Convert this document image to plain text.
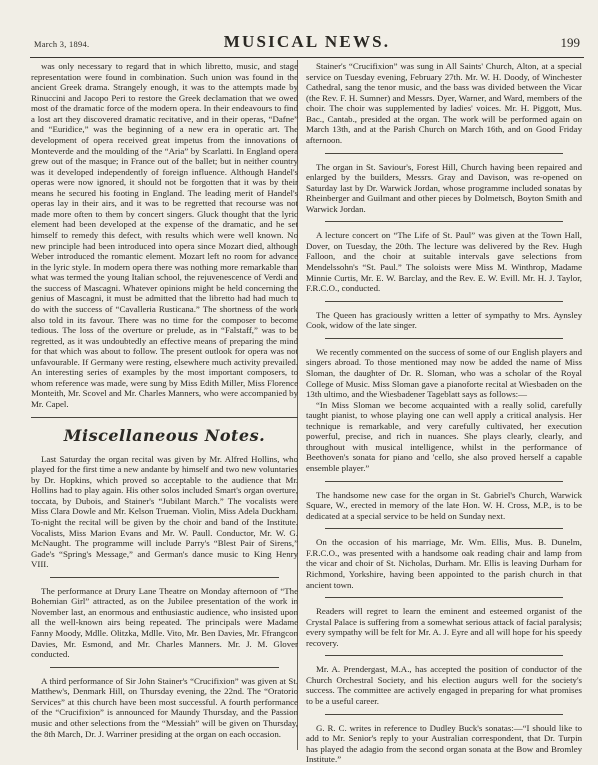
March 3, 1894.	MUSICAL NEWS.	199

was only necessary to regard that in which libretto, music, and stage representation were found in combination. Such union was found in the ancient Greek drama. Strangely enough, it was to the attempts made by Rinuccini and Jacopo Peri to restore the Greek declamation that we owed most of the dramatic force of the modern opera. In their endeavours to find a lost art they discovered dramatic recitative, and in their operas, “Dafne” and “Euridice,” was the beginning of a new era in operatic art. The development of opera received great impetus from the innovations of Monteverde and the moulding of the “Aria” by Scarlatti. In England opera grew out of the masque; in France out of the ballet; but in neither country was it developed independently of foreign influence. Although Handel's operas were now ignored, it should not be forgotten that it was by their means he secured his footing in England. The leading merit of Handel's operas lay in their airs, and it was to be regretted that recourse was not made more often to them by concert singers. Gluck thought that the lyric element had been developed at the expense of the dramatic, and he set himself to remedy this defect, with results which were well known. No new principle had been introduced into opera since Mozart died, although Weber introduced the romantic element. Mozart left no room for advance in the lyric style. In modern opera there was nothing more remarkable than what was termed the young Italian school, the rejuvenescence of Verdi and the success of Mascagni. Whatever opinions might be held concerning the genius of Mascagni, it must be admitted that the libretto had had much to do with the success of “Cavalleria Rusticana.” The shortness of the work also told in its favour. There was no time for the composer to become tedious. The loss of the overture or prelude, as in “Falstaff,” was to be regretted, as it was undoubtedly an effective means of preparing the mind for that which was about to follow. The present outlook for opera was not unfavourable. If Germany were resting, elsewhere much activity prevailed. An interesting series of examples by the most important composers, to whom reference was made, were sung by Miss Edith Miller, Miss Florence Monteith, Mr. Scovel and Mr. Charles Manners, who were accompanied by Mr. Capel.

Miscellaneous Notes.

Last Saturday the organ recital was given by Mr. Alfred Hollins, who played for the first time a new andante by himself and two new voluntaries by Dr. Hopkins, which proved so acceptable to the audience that Mr. Hollins had to play again. His other solos included Smart's organ overture, toccata, by Dubois, and Stainer's “Jubilant March.” The vocalists were Miss Clara Dowle and Mr. Kelson Trueman. Violin, Miss Adela Duckham. To-night the recital will be given by the choir and band of the Institute. Vocalists, Miss Marion Evans and Mr. W. Paull. Conductor, Mr. W. G. McNaught. The programme will include Parry's “Blest Pair of Sirens,” Gade's “Spring's Message,” and German's dance music to King Henry VIII.

The performance at Drury Lane Theatre on Monday afternoon of “The Bohemian Girl” attracted, as on the Jubilee presentation of the work in November last, an enormous and enthusiastic audience, who insisted upon all the well-known airs being repeated. The principals were Madame Fanny Moody, Mdlle. Olitzka, Mdlle. Vito, Mr. Ben Davies, Mr. Ffrangcon Davies, Mr. Esmond, and Mr. Charles Manners. Mr. J. M. Glover conducted.

A third performance of Sir John Stainer's “Crucifixion” was given at St. Matthew's, Denmark Hill, on Thursday evening, the 22nd. The “Oratorio Services” at this church have been most successful. A fourth performance of the “Crucifixion” is announced for Maundy Thursday, and the Passion music and other selections from the “Messiah” will be given on Thursday, the 8th March, Dr. J. Warriner presiding at the organ on each occasion.

Stainer's “Crucifixion” was sung in All Saints' Church, Alton, at a special service on Tuesday evening, February 27th. Mr. W. H. Doody, of Winchester Cathedral, sang the tenor music, and the bass was divided between the Vicar (the Rev. F. H. Sumner) and Messrs. Dyer, Warner, and Ward, members of the choir. The choir was supplemented by ladies' voices. Mr. H. Piggott, Mus. Bac., Cantab., presided at the organ. The work will be performed again on March 13th, and at the Parish Church on March 16th, and on Good Friday afternoon.

The organ in St. Saviour's, Forest Hill, Church having been repaired and enlarged by the builders, Messrs. Gray and Davison, was re-opened on Saturday last by Dr. Warwick Jordan, whose programme included sonatas by Rheinberger and Guilmant and other pieces by Dolmetsch, Boyton Smith and Warwick Jordan.

A lecture concert on “The Life of St. Paul” was given at the Town Hall, Dover, on Tuesday, the 20th. The lecture was delivered by the Rev. Hugh Falloon, and the choir at suitable intervals gave selections from Mendelssohn's “St. Paul.” The soloists were Miss M. Winthrop, Madame Minnie Curtis, Mr. E. W. Barclay, and the Rev. E. W. Evill. Mr. H. J. Taylor, F.R.C.O., conducted.

The Queen has graciously written a letter of sympathy to Mrs. Aynsley Cook, widow of the late singer.

We recently commented on the success of some of our English players and singers abroad. To those mentioned may now be added the name of Miss Sloman, the daughter of Dr. R. Sloman, who was a scholar of the Royal College of Music. Miss Sloman gave a pianoforte recital at Wiesbaden on the 13th ultimo, and the Wiesbadener Tageblatt says as follows:—

“In Miss Sloman we become acquainted with a really solid, carefully taught pianist, to whose playing one can well apply a critical analysis. Her technique is remarkable, and very carefully cultivated, her execution powerful, precise, and rich in nuances. She plays clearly, clearly, and throughout with musical intelligence, whilst in the performance of Beethoven's sonata for piano and 'cello, she also proved herself a capable ensemble player.”

The handsome new case for the organ in St. Gabriel's Church, Warwick Square, W., erected in memory of the late Hon. W. H. Cross, M.P., is to be dedicated at a special service to be held on Sunday next.

On the occasion of his marriage, Mr. Wm. Ellis, Mus. B. Dunelm, F.R.C.O., was presented with a handsome oak reading chair and lamp from the vicar and choir of St. Nicholas, Durham. Mr. Ellis is leaving Durham for Richmond, Yorkshire, having been appointed to the parish church in that ancient town.

Readers will regret to learn the eminent and esteemed organist of the Crystal Palace is suffering from a somewhat serious attack of facial paralysis; every sympathy will be felt for Mr. A. J. Eyre and all will hope for his speedy recovery.

Mr. A. Prendergast, M.A., has accepted the position of conductor of the Church Orchestral Society, and his election augurs well for the society's success. The committee are actively engaged in preparing for what promises to be a useful career.

G. R. C. writes in reference to Dudley Buck's sonatas:—“I should like to add to Mr. Senior's reply to your Australian correspondent, that Dr. Turpin has played the adagio from the second organ sonata at the Bow and Bromley Institute.”
